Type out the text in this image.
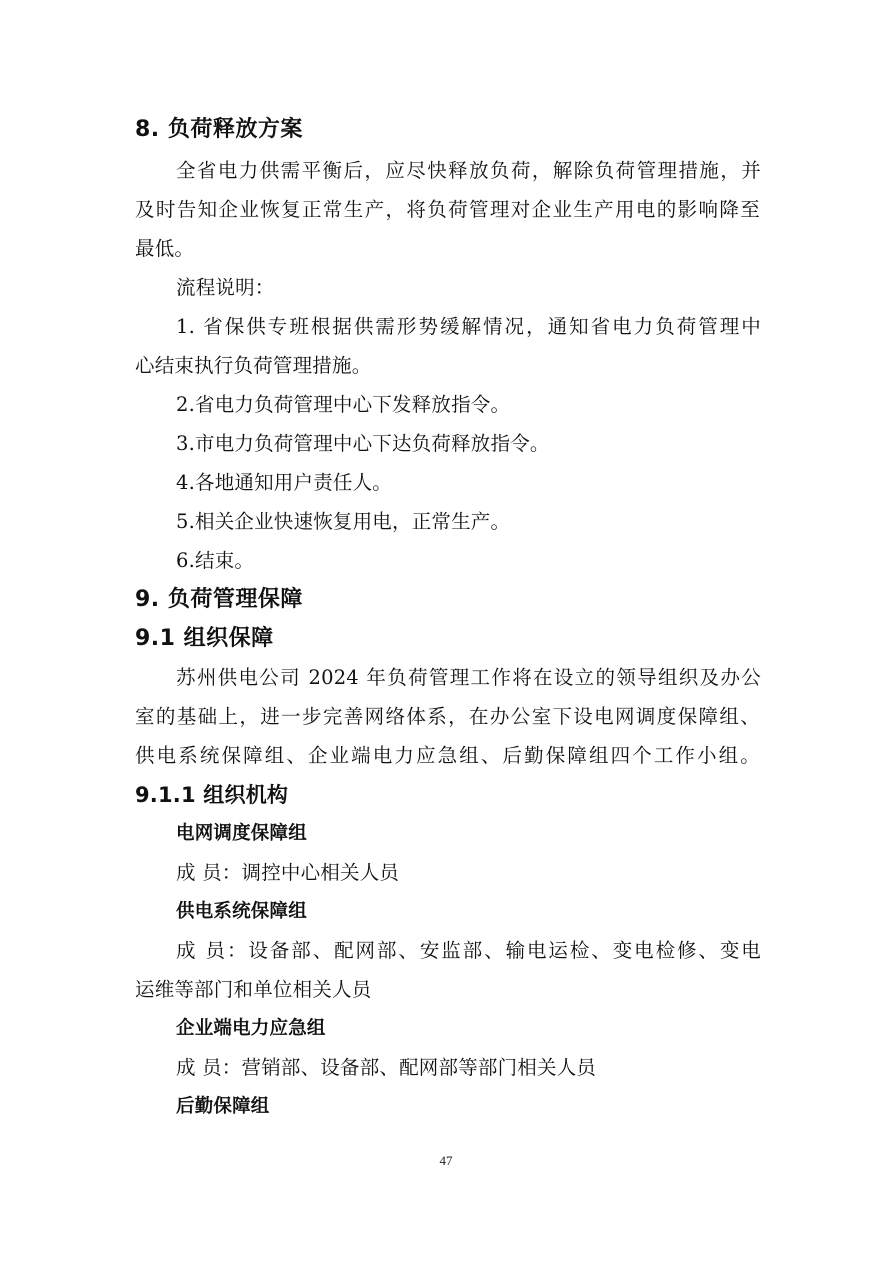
8. 负荷释放方案
全省电力供需平衡后，应尽快释放负荷，解除负荷管理措施，并
及时告知企业恢复正常生产，将负荷管理对企业生产用电的影响降至
最低。
流程说明：
1. 省保供专班根据供需形势缓解情况，通知省电力负荷管理中
心结束执行负荷管理措施。
2.省电力负荷管理中心下发释放指令。
3.市电力负荷管理中心下达负荷释放指令。
4.各地通知用户责任人。
5.相关企业快速恢复用电，正常生产。
6.结束。
9. 负荷管理保障
9.1 组织保障
苏州供电公司 2024 年负荷管理工作将在设立的领导组织及办公
室的基础上，进一步完善网络体系，在办公室下设电网调度保障组、
供电系统保障组、企业端电力应急组、后勤保障组四个工作小组。
9.1.1 组织机构
电网调度保障组
成 员：调控中心相关人员
供电系统保障组
成 员：设备部、配网部、安监部、输电运检、变电检修、变电
运维等部门和单位相关人员
企业端电力应急组
成 员：营销部、设备部、配网部等部门相关人员
后勤保障组
47
